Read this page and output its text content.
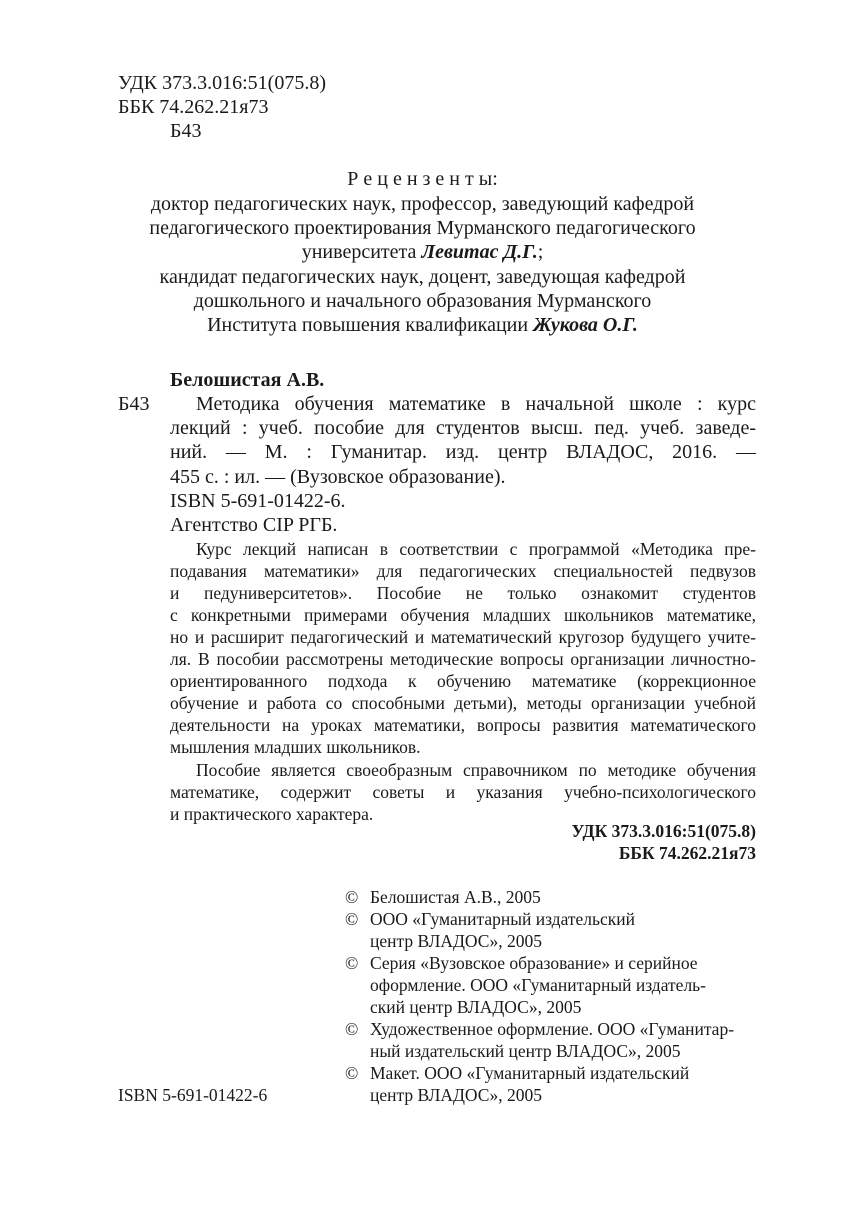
УДК 373.3.016:51(075.8)
ББК 74.262.21я73
Б43
Р е ц е н з е н т ы:
доктор педагогических наук, профессор, заведующий кафедрой
педагогического проектирования Мурманского педагогического
университета Левитас Д.Г.;
кандидат педагогических наук, доцент, заведующая кафедрой
дошкольного и начального образования Мурманского
Института повышения квалификации Жукова О.Г.
Белошистая А.В.
Б43 Методика обучения математике в начальной школе : курс
лекций : учеб. пособие для студентов высш. пед. учеб. заведе-
ний. — М. : Гуманитар. изд. центр ВЛАДОС, 2016. —
455 с. : ил. — (Вузовское образование).
ISBN 5-691-01422-6.
Агентство CIP РГБ.
Курс лекций написан в соответствии с программой «Методика пре-
подавания математики» для педагогических специальностей педвузов
и педуниверситетов». Пособие не только ознакомит студентов
с конкретными примерами обучения младших школьников математике,
но и расширит педагогический и математический кругозор будущего учите-
ля. В пособии рассмотрены методические вопросы организации личностно-
ориентированного подхода к обучению математике (коррекционное
обучение и работа со способными детьми), методы организации учебной
деятельности на уроках математики, вопросы развития математического
мышления младших школьников.
Пособие является своеобразным справочником по методике обучения
математике, содержит советы и указания учебно-психологического
и практического характера.
УДК 373.3.016:51(075.8)
ББК 74.262.21я73
© Белошистая А.В., 2005
© ООО «Гуманитарный издательский
центр ВЛАДОС», 2005
© Серия «Вузовское образование» и серийное
оформление. ООО «Гуманитарный издатель-
ский центр ВЛАДОС», 2005
© Художественное оформление. ООО «Гуманитар-
ный издательский центр ВЛАДОС», 2005
© Макет. ООО «Гуманитарный издательский
центр ВЛАДОС», 2005
ISBN 5-691-01422-6
